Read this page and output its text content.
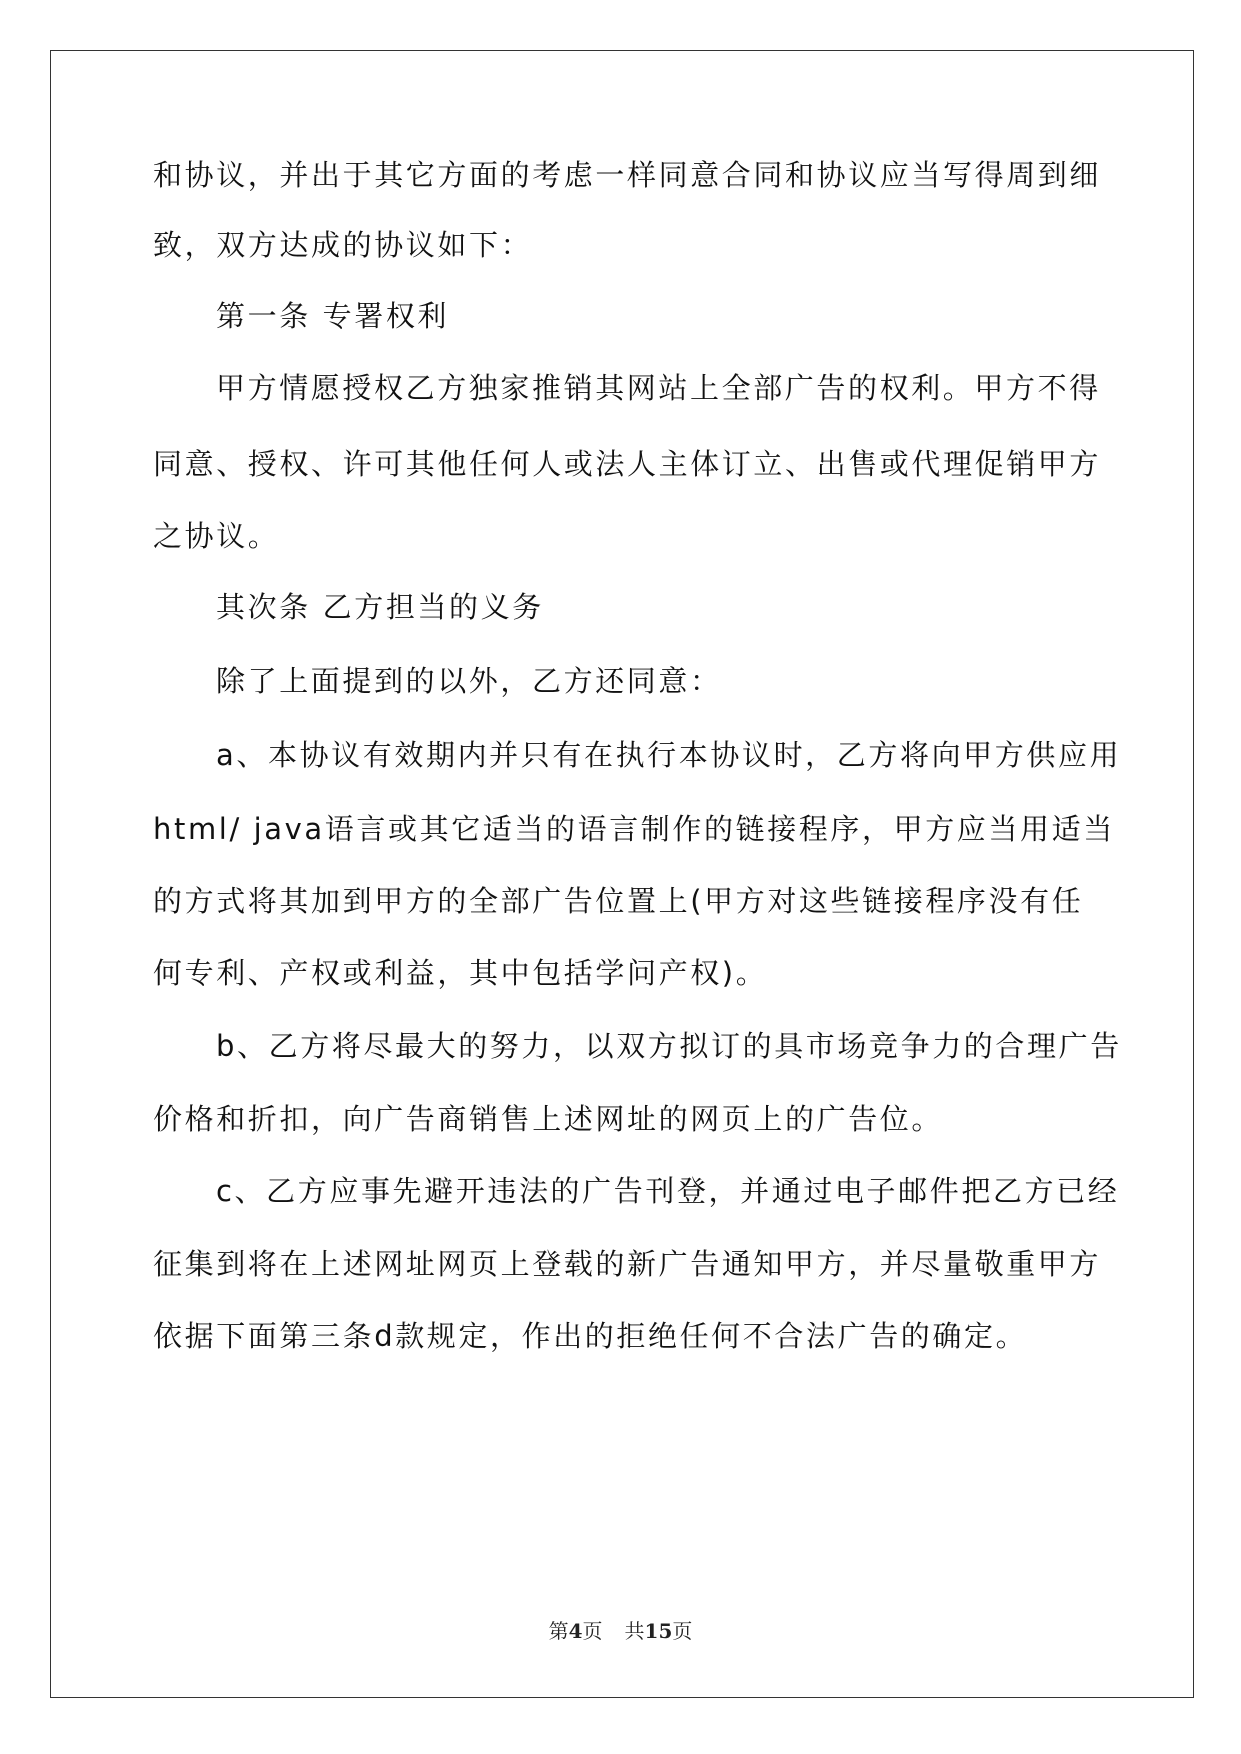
和协议，并出于其它方面的考虑一样同意合同和协议应当写得周到细
致，双方达成的协议如下：
第一条 专署权利
甲方情愿授权乙方独家推销其网站上全部广告的权利。甲方不得
同意、授权、许可其他任何人或法人主体订立、出售或代理促销甲方
之协议。
其次条 乙方担当的义务
除了上面提到的以外，乙方还同意：
a、本协议有效期内并只有在执行本协议时，乙方将向甲方供应用
html/ java语言或其它适当的语言制作的链接程序，甲方应当用适当
的方式将其加到甲方的全部广告位置上(甲方对这些链接程序没有任
何专利、产权或利益，其中包括学问产权)。
b、乙方将尽最大的努力，以双方拟订的具市场竞争力的合理广告
价格和折扣，向广告商销售上述网址的网页上的广告位。
c、乙方应事先避开违法的广告刊登，并通过电子邮件把乙方已经
征集到将在上述网址网页上登载的新广告通知甲方，并尽量敬重甲方
依据下面第三条d款规定，作出的拒绝任何不合法广告的确定。
第4页 共15页
